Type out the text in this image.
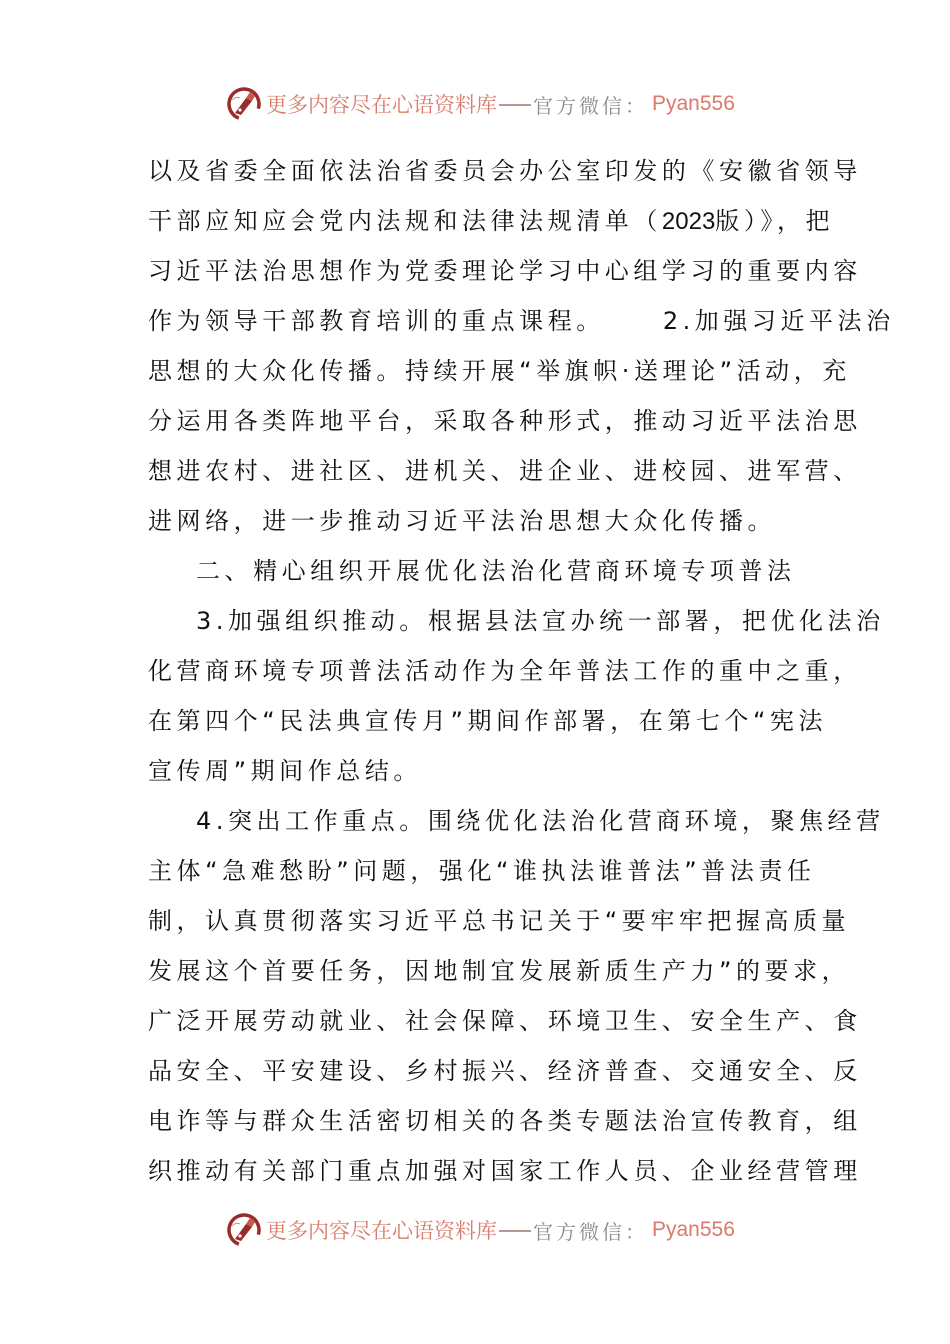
更多内容尽在心语资料库 官方微信： Pyan556
以及省委全面依法治省委员会办公室印发的《安徽省领导
干部应知应会党内法规和法律法规清单（2023版）》，把
习近平法治思想作为党委理论学习中心组学习的重要内容
作为领导干部教育培训的重点课程。 2.加强习近平法治
思想的大众化传播。持续开展“举旗帜·送理论”活动，充
分运用各类阵地平台，采取各种形式，推动习近平法治思
想进农村、进社区、进机关、进企业、进校园、进军营、
进网络，进一步推动习近平法治思想大众化传播。
二、精心组织开展优化法治化营商环境专项普法
3.加强组织推动。根据县法宣办统一部署，把优化法治
化营商环境专项普法活动作为全年普法工作的重中之重，
在第四个“民法典宣传月”期间作部署，在第七个“宪法
宣传周”期间作总结。
4.突出工作重点。围绕优化法治化营商环境，聚焦经营
主体“急难愁盼”问题，强化“谁执法谁普法”普法责任
制，认真贯彻落实习近平总书记关于“要牢牢把握高质量
发展这个首要任务，因地制宜发展新质生产力”的要求，
广泛开展劳动就业、社会保障、环境卫生、安全生产、食
品安全、平安建设、乡村振兴、经济普查、交通安全、反
电诈等与群众生活密切相关的各类专题法治宣传教育，组
织推动有关部门重点加强对国家工作人员、企业经营管理
更多内容尽在心语资料库 官方微信： Pyan556
